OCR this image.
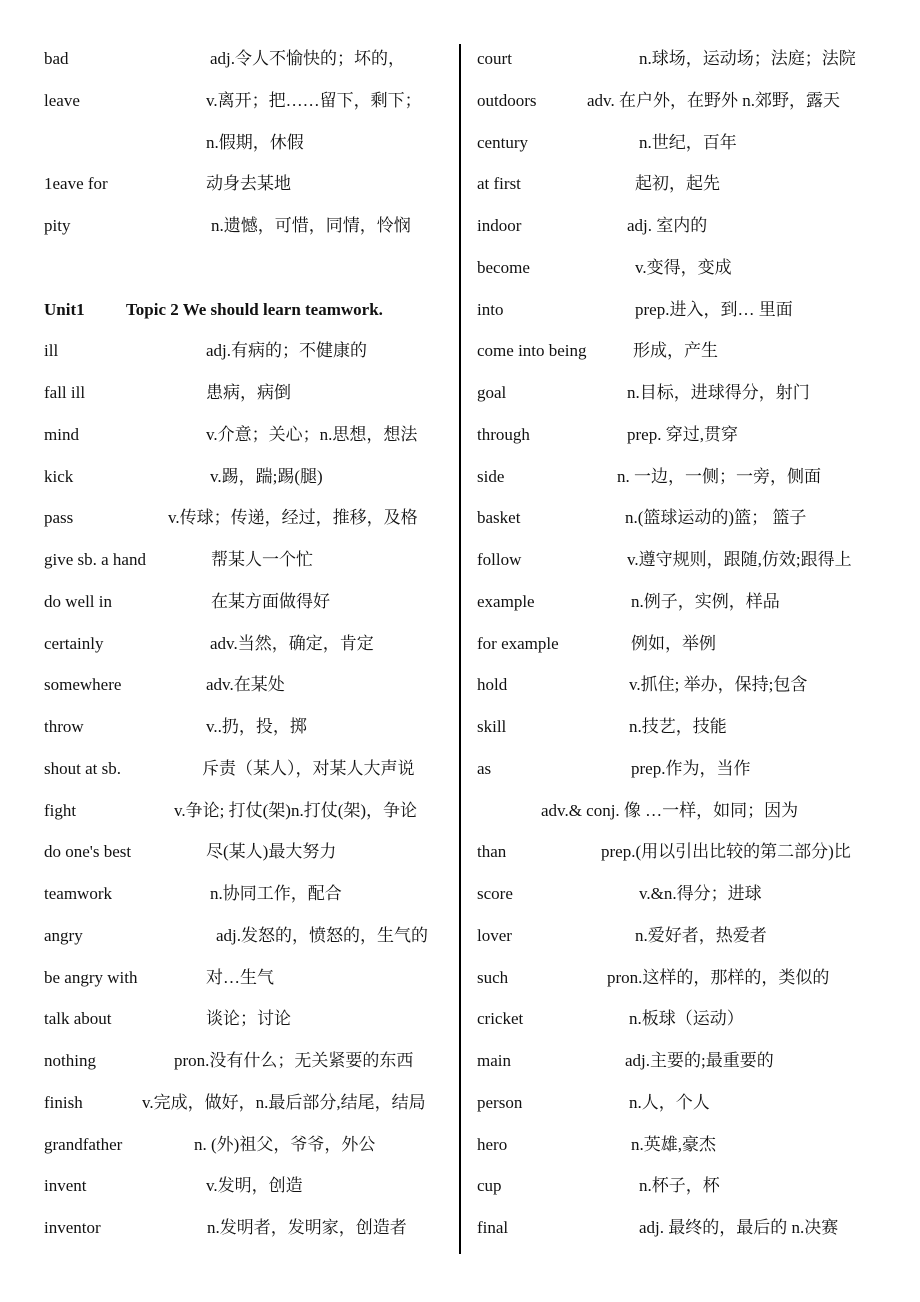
bad	adj.令人不愉快的；坏的，
leave	v.离开；把……留下，剩下；
n.假期，休假
1eave for	动身去某地
pity	n.遗憾，可惜，同情，怜悯
Unit1 Topic 2 We should learn teamwork.
ill	adj.有病的；不健康的
fall ill	患病，病倒
mind	v.介意；关心；n.思想，想法
kick	v.踢，踹;踢(腿)
pass	v.传球；传递，经过，推移，及格
give sb. a hand	帮某人一个忙
do well in	在某方面做得好
certainly	adv.当然，确定，肯定
somewhere	adv.在某处
throw	v..扔，投，掷
shout at sb.	斥责（某人），对某人大声说
fight	v.争论; 打仗(架)n.打仗(架)，争论
do one's best	尽(某人)最大努力
teamwork	n.协同工作，配合
angry	adj.发怒的，愤怒的，生气的
be angry with	对…生气
talk about	谈论；讨论
nothing	pron.没有什么；无关紧要的东西
finish	v.完成，做好，n.最后部分,结尾，结局
grandfather	n. (外)祖父，爷爷，外公
invent	v.发明，创造
inventor	n.发明者，发明家，创造者
court	n.球场，运动场；法庭；法院
outdoors	adv. 在户外，在野外 n.郊野，露天
century	n.世纪，百年
at first	起初，起先
indoor	adj. 室内的
become	v.变得，变成
into	prep.进入，到… 里面
come into being	形成，产生
goal	n.目标，进球得分，射门
through	prep. 穿过,贯穿
side	n. 一边，一侧；一旁，侧面
basket	n.(篮球运动的)篮； 篮子
follow	v.遵守规则，跟随,仿效;跟得上
example	n.例子，实例，样品
for example	例如，举例
hold	v.抓住; 举办，保持;包含
skill	n.技艺，技能
as	prep.作为，当作
adv.& conj. 像 …一样，如同；因为
than	prep.(用以引出比较的第二部分)比
score	v.&n.得分；进球
lover	n.爱好者，热爱者
such	pron.这样的，那样的，类似的
cricket	n.板球（运动）
main	adj.主要的;最重要的
person	n.人，个人
hero	n.英雄,豪杰
cup	n.杯子，杯
final	adj. 最终的，最后的 n.决赛
